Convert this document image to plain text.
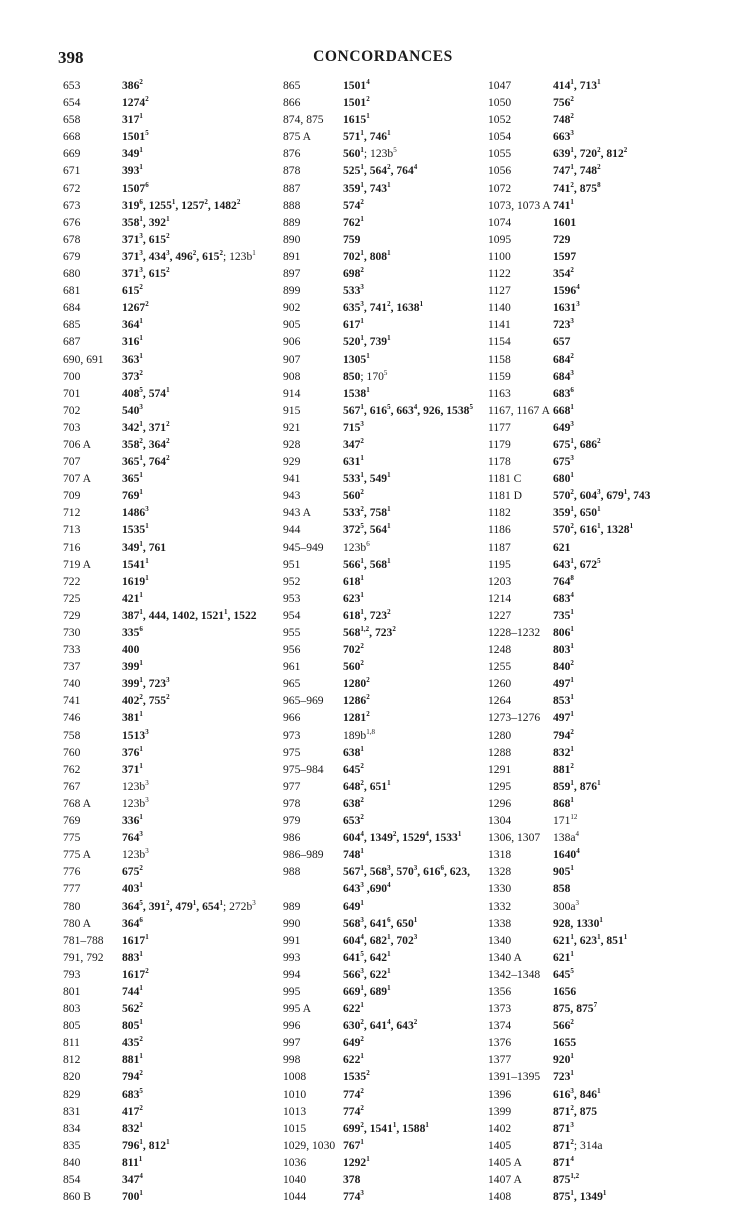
398	CONCORDANCES
653	$386^2$
654	1274$^2$
658	$317^1$
668	1501$^5$
669	$349^1$
671	$393^1$
672	1507$^6$
673	$319^6$, 1255$^1$, 1257$^2$, 1482$^2$
676	$358^1$, $392^1$
678	$371^3$, $615^2$
679	$371^3$, $434^3$, $496^2$, $615^2$; $123b^1$
680	$371^3$, $615^2$
681	$615^2$
684	1267$^2$
685	$364^1$
687	$316^1$
690, 691 $363^1$
700	$373^2$
701	$408^5$, $574^1$
702	$540^3$
703	$342^1$, $371^2$
706 A	$358^2$, $364^2$
707	$365^1$, $764^2$
707 A	$365^1$
709	$769^1$
712	1486$^3$
713	1535$^1$
716	$349^1$, 761
719 A	1541$^1$
722	1619$^1$
725	$421^1$
729	$387^1$, 444, 1402, 1521$^1$, 1522
730	$335^6$
733	400
737	$399^1$
740	$399^1$, $723^3$
741	$402^2$, $755^2$
746	$381^1$
758	1513$^3$
760	$376^1$
762	$371^1$
767	$123b^3$
768 A	$123b^3$
769	$336^1$
775	$764^3$
775 A	$123b^3$
776	$675^2$
777	$403^1$
780	$364^5$, $391^2$, $479^1$, $654^1$; $272b^3$
780 A	$364^6$
781–788 1617$^1$
791, 792 $883^1$
793	1617$^2$
801	$744^1$
803	$562^2$
805	$805^1$
811	$435^2$
812	$881^1$
820	$794^2$
829	$683^5$
831	$417^2$
834	$832^1$
835	$796^1$, $812^1$
840	$811^1$
854	$347^4$
860 B	$700^1$
865	1501$^4$
866	1501$^2$
874, 875 1615$^1$
875 A	$571^1$, $746^1$
876	$560^1$; $123b^5$
878	$525^1$, $564^2$, $764^4$
887	$359^1$, $743^1$
888	$574^2$
889	$762^1$
890	759
891	$702^1$, $808^1$
897	$698^2$
899	$533^3$
902	$635^3$, $741^2$, 1638$^1$
905	$617^1$
906	$520^1$, $739^1$
907	1305$^1$
908	850; $170^5$
914	1538$^1$
915	$567^1$, $616^5$, $663^4$, 926, 1538$^5$
921	$715^3$
928	$347^2$
929	$631^1$
941	$533^1$, $549^1$
943	$560^2$
943 A	$533^2$, $758^1$
944	$372^5$, $564^1$
945–949 $123b^6$
951	$566^1$, $568^1$
952	$618^1$
953	$623^1$
954	$618^1$, $723^2$
955	568$^{1,2}$, $723^2$
956	$702^2$
961	$560^2$
965	1280$^2$
965–969 1286$^2$
966	1281$^2$
973	$189b^{1,8}$
975	$638^1$
975–984 $645^2$
977	$648^2$, $651^1$
978	$638^2$
979	$653^2$
986	$604^4$, 1349$^2$, 1529$^4$, 1533$^1$
986–989 $748^1$
988	$567^1$, $568^3$, $570^3$, $616^6$, 623,
$643^3$ ,690$^4$
989	$649^1$
990	$568^3$, $641^6$, $650^1$
991	$604^4$, $682^1$, $702^3$
993	$641^5$, $642^1$
994	$566^3$, $622^1$
995	$669^1$, $689^1$
995 A	$622^1$
996	$630^2$, $641^4$, $643^2$
997	$649^2$
998	$622^1$
1008	1535$^2$
1010	$774^2$
1013	$774^2$
1015	$699^2$, 1541$^1$, 1588$^1$
1029, 1030 $767^1$
1036	1292$^1$
1040	378
1044	$774^3$
1047	$414^1$, $713^1$
1050	$756^2$
1052	$748^2$
1054	$663^3$
1055	$639^1$, $720^2$, $812^2$
1056	$747^1$, $748^2$
1072	$741^2$, $875^8$
1073, 1073 A $741^1$
1074	1601
1095	729
1100	1597
1122	$354^2$
1127	1596$^4$
1140	1631$^3$
1141	$723^3$
1154	657
1158	$684^2$
1159	$684^3$
1163	$683^6$
1167, 1167 A $668^1$
1177	$649^3$
1179	$675^1$, $686^2$
1178	$675^3$
1181 C	$680^1$
1181 D	$570^2$, $604^3$, $679^1$, 743
1182	$359^1$, $650^1$
1186	$570^2$, $616^1$, 1328$^1$
1187	621
1195	$643^1$, $672^5$
1203	$764^8$
1214	$683^4$
1227	$735^1$
1228–1232 $806^1$
1248	$803^1$
1255	$840^2$
1260	$497^1$
1264	$853^1$
1273–1276 $497^1$
1280	$794^2$
1288	$832^1$
1291	$881^2$
1295	$859^1$, $876^1$
1296	$868^1$
1304	$171^{12}$
1306, 1307 $138a^4$
1318	1640$^4$
1328	$905^1$
1330	858
1332	$300a^3$
1338	928, 1330$^1$
1340	$621^1$, $623^1$, $851^1$
1340 A	$621^1$
1342–1348 $645^5$
1356	1656
1373	875, $875^7$
1374	$566^2$
1376	1655
1377	$920^1$
1391–1395 $723^1$
1396	$616^3$, $846^1$
1399	$871^2$, 875
1402	$871^3$
1405	$871^2$; 314a
1405 A	$871^4$
1407 A	875$^{1,2}$
1408	$875^1$, 1349$^1$
